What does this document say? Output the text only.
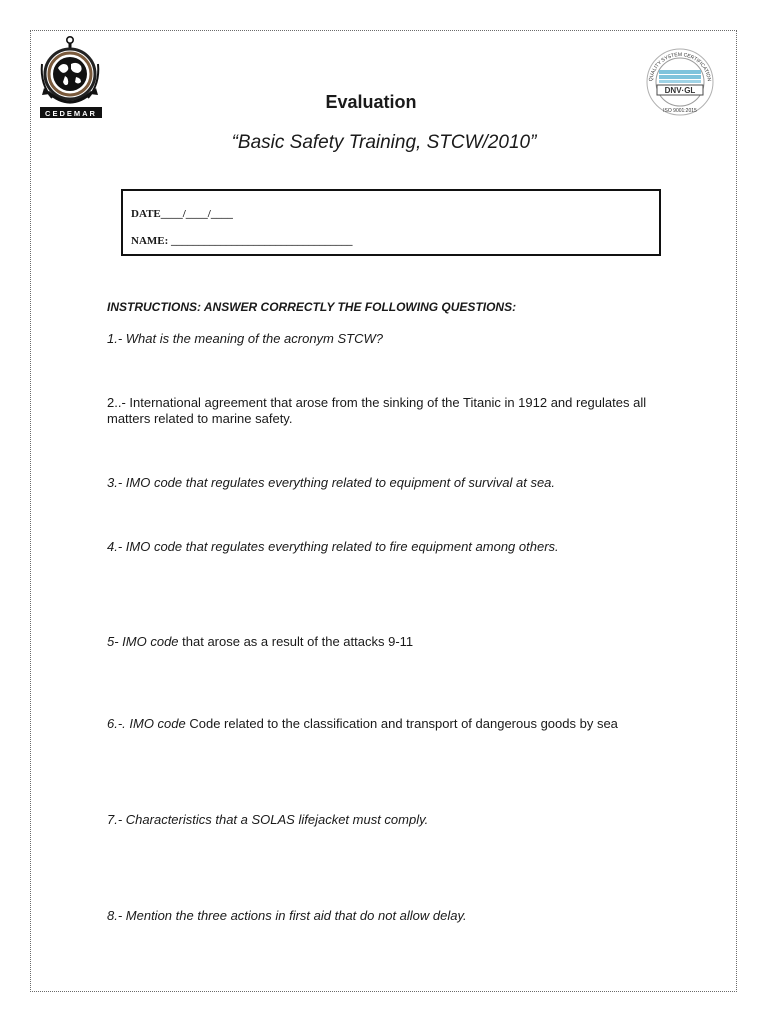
CEDEMAR
QUALITY SYSTEM CERTIFICATION
DNV·GL
ISO 9001:2015
Evaluation
“Basic Safety Training, STCW/2010”
DATE____/____/____
NAME: _________________________________
INSTRUCTIONS: ANSWER CORRECTLY THE FOLLOWING QUESTIONS:
1.- What is the meaning of the acronym STCW?
2..- International agreement that arose from the sinking of the Titanic in 1912 and regulates all matters related to marine safety.
3.- IMO code that regulates everything related to equipment of survival at sea.
4.- IMO code that regulates everything related to fire equipment among others.
5- IMO code that arose as a result of the attacks 9-11
6.-. IMO code Code related to the classification and transport of dangerous goods by sea
7.- Characteristics that a SOLAS lifejacket must comply.
8.- Mention the three actions in first aid that do not allow delay.
